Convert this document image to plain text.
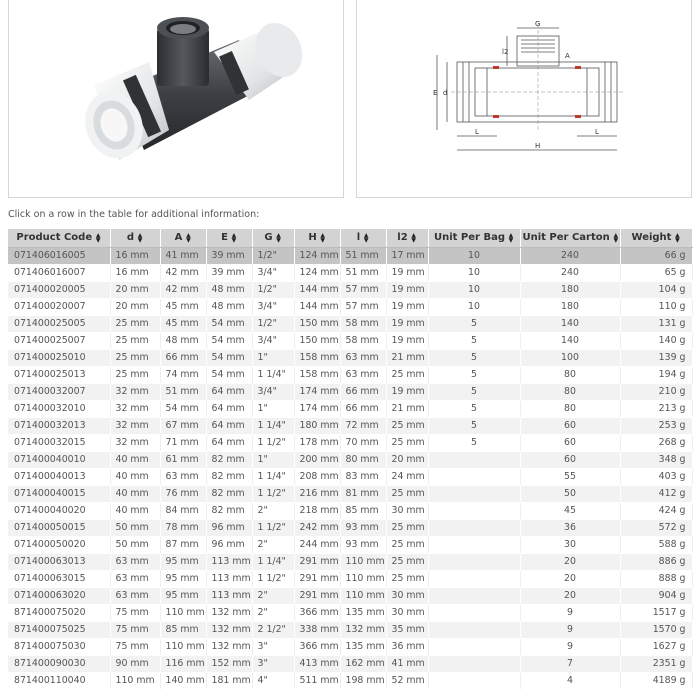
G
E d
l2	A
L	L
H
Click on a row in the table for additional information:
Product Code ▲
▼	d ▲
▼	A ▲
▼	E ▲
▼	G ▲
▼	H ▲
▼	l ▲
▼	l2 ▲
▼	Unit Per Bag ▲
▼	Unit Per Carton ▲
▼	Weight ▲
▼
071406016005	16 mm	41 mm	39 mm	1/2"	124 mm	51 mm	17 mm	10	240	66 g
071406016007	16 mm	42 mm	39 mm	3/4"	124 mm	51 mm	19 mm	10	240	65 g
071400020005	20 mm	42 mm	48 mm	1/2"	144 mm	57 mm	19 mm	10	180	104 g
071400020007	20 mm	45 mm	48 mm	3/4"	144 mm	57 mm	19 mm	10	180	110 g
071400025005	25 mm	45 mm	54 mm	1/2"	150 mm	58 mm	19 mm	5	140	131 g
071400025007	25 mm	48 mm	54 mm	3/4"	150 mm	58 mm	19 mm	5	140	140 g
071400025010	25 mm	66 mm	54 mm	1"	158 mm	63 mm	21 mm	5	100	139 g
071400025013	25 mm	74 mm	54 mm	1 1/4"	158 mm	63 mm	25 mm	5	80	194 g
071400032007	32 mm	51 mm	64 mm	3/4"	174 mm	66 mm	19 mm	5	80	210 g
071400032010	32 mm	54 mm	64 mm	1"	174 mm	66 mm	21 mm	5	80	213 g
071400032013	32 mm	67 mm	64 mm	1 1/4"	180 mm	72 mm	25 mm	5	60	253 g
071400032015	32 mm	71 mm	64 mm	1 1/2"	178 mm	70 mm	25 mm	5	60	268 g
071400040010	40 mm	61 mm	82 mm	1"	200 mm	80 mm	20 mm		60	348 g
071400040013	40 mm	63 mm	82 mm	1 1/4"	208 mm	83 mm	24 mm		55	403 g
071400040015	40 mm	76 mm	82 mm	1 1/2"	216 mm	81 mm	25 mm		50	412 g
071400040020	40 mm	84 mm	82 mm	2"	218 mm	85 mm	30 mm		45	424 g
071400050015	50 mm	78 mm	96 mm	1 1/2"	242 mm	93 mm	25 mm		36	572 g
071400050020	50 mm	87 mm	96 mm	2"	244 mm	93 mm	25 mm		30	588 g
071400063013	63 mm	95 mm	113 mm	1 1/4"	291 mm	110 mm	25 mm		20	886 g
071400063015	63 mm	95 mm	113 mm	1 1/2"	291 mm	110 mm	25 mm		20	888 g
071400063020	63 mm	95 mm	113 mm	2"	291 mm	110 mm	30 mm		20	904 g
871400075020	75 mm	110 mm	132 mm	2"	366 mm	135 mm	30 mm		9	1517 g
871400075025	75 mm	85 mm	132 mm	2 1/2"	338 mm	132 mm	35 mm		9	1570 g
871400075030	75 mm	110 mm	132 mm	3"	366 mm	135 mm	36 mm		9	1627 g
871400090030	90 mm	116 mm	152 mm	3"	413 mm	162 mm	41 mm		7	2351 g
871400110040	110 mm	140 mm	181 mm	4"	511 mm	198 mm	52 mm		4	4189 g
